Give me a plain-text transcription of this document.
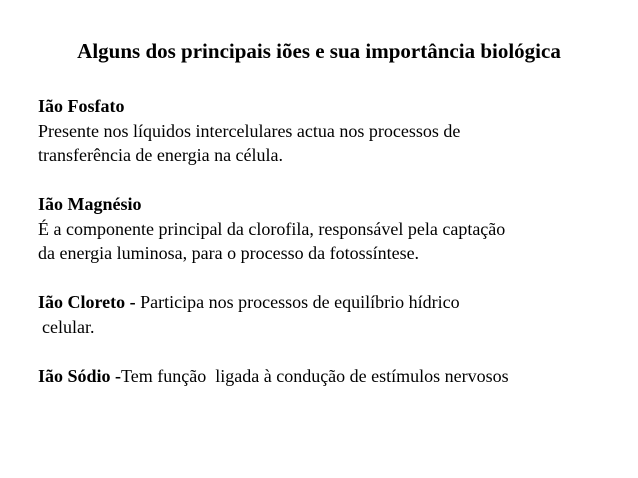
Alguns dos principais iões e sua importância biológica
Ião Fosfato
Presente nos líquidos intercelulares actua nos processos de
transferência de energia na célula.
Ião Magnésio
É a componente principal da clorofila, responsável pela captação
da energia luminosa, para o processo da fotossíntese.
Ião Cloreto - Participa nos processos de equilíbrio hídrico
celular.
Ião Sódio -Tem função  ligada à condução de estímulos nervosos
